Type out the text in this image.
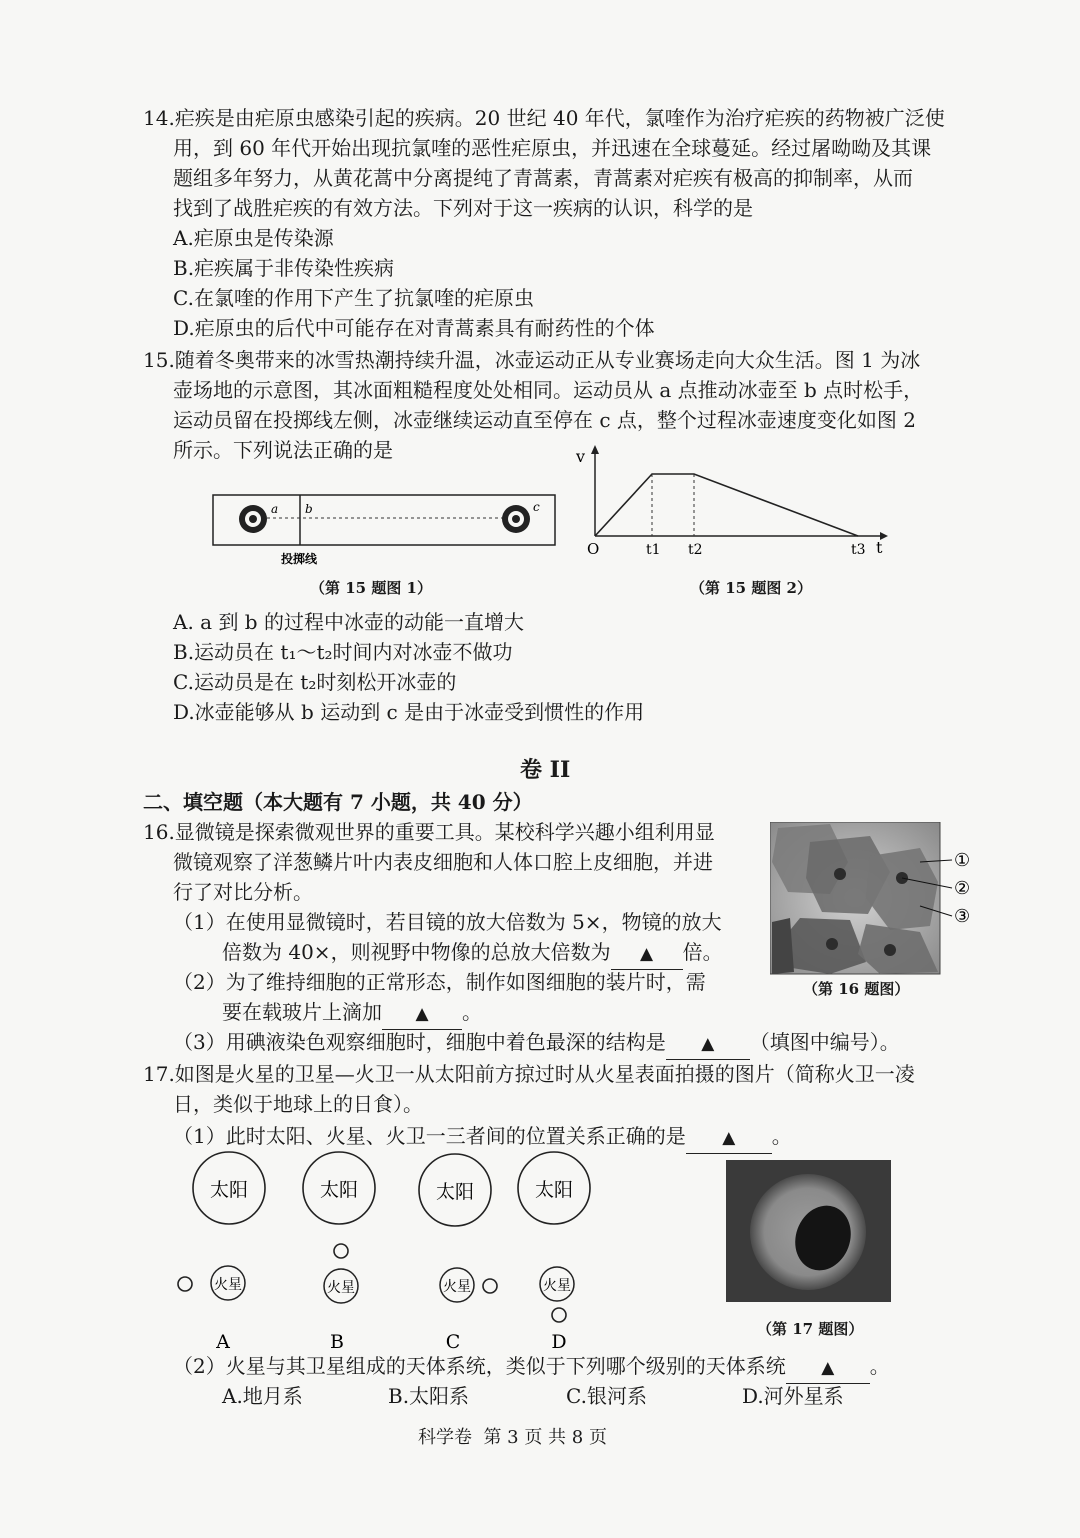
14.疟疾是由疟原虫感染引起的疾病。20 世纪 40 年代，氯喹作为治疗疟疾的药物被广泛使
用，到 60 年代开始出现抗氯喹的恶性疟原虫，并迅速在全球蔓延。经过屠呦呦及其课
题组多年努力，从黄花蒿中分离提纯了青蒿素，青蒿素对疟疾有极高的抑制率，从而
找到了战胜疟疾的有效方法。下列对于这一疾病的认识，科学的是
A.疟原虫是传染源
B.疟疾属于非传染性疾病
C.在氯喹的作用下产生了抗氯喹的疟原虫
D.疟原虫的后代中可能存在对青蒿素具有耐药性的个体
15.随着冬奥带来的冰雪热潮持续升温，冰壶运动正从专业赛场走向大众生活。图 1 为冰
壶场地的示意图，其冰面粗糙程度处处相同。运动员从 a 点推动冰壶至 b 点时松手，
运动员留在投掷线左侧，冰壶继续运动直至停在 c 点，整个过程冰壶速度变化如图 2
所示。下列说法正确的是
a b	c
投掷线
（第 15 题图 1）
v
t
O	t1 t2	t3
（第 15 题图 2）
A. a 到 b 的过程中冰壶的动能一直增大
B.运动员在 t₁～t₂时间内对冰壶不做功
C.运动员是在 t₂时刻松开冰壶的
D.冰壶能够从 b 运动到 c 是由于冰壶受到惯性的作用
卷 II
二、填空题（本大题有 7 小题，共 40 分）
16.显微镜是探索微观世界的重要工具。某校科学兴趣小组利用显
微镜观察了洋葱鳞片叶内表皮细胞和人体口腔上皮细胞，并进
行了对比分析。
（1）在使用显微镜时，若目镜的放大倍数为 5×，物镜的放大
倍数为 40×，则视野中物像的总放大倍数为 ▲ 倍。
（2）为了维持细胞的正常形态，制作如图细胞的装片时，需
要在载玻片上滴加 ▲ 。
（3）用碘液染色观察细胞时，细胞中着色最深的结构是 ▲ （填图中编号）。
①
②
③
（第 16 题图）
17.如图是火星的卫星—火卫一从太阳前方掠过时从火星表面拍摄的图片（简称火卫一凌
日，类似于地球上的日食）。
（1）此时太阳、火星、火卫一三者间的位置关系正确的是 ▲ 。
太阳
火星
A
太阳
火星
B
太阳
火星
C
太阳
火星
D
（第 17 题图）
（2）火星与其卫星组成的天体系统，类似于下列哪个级别的天体系统 ▲ 。
A.地月系	B.太阳系	C.银河系	D.河外星系
科学卷  第 3 页 共 8 页
